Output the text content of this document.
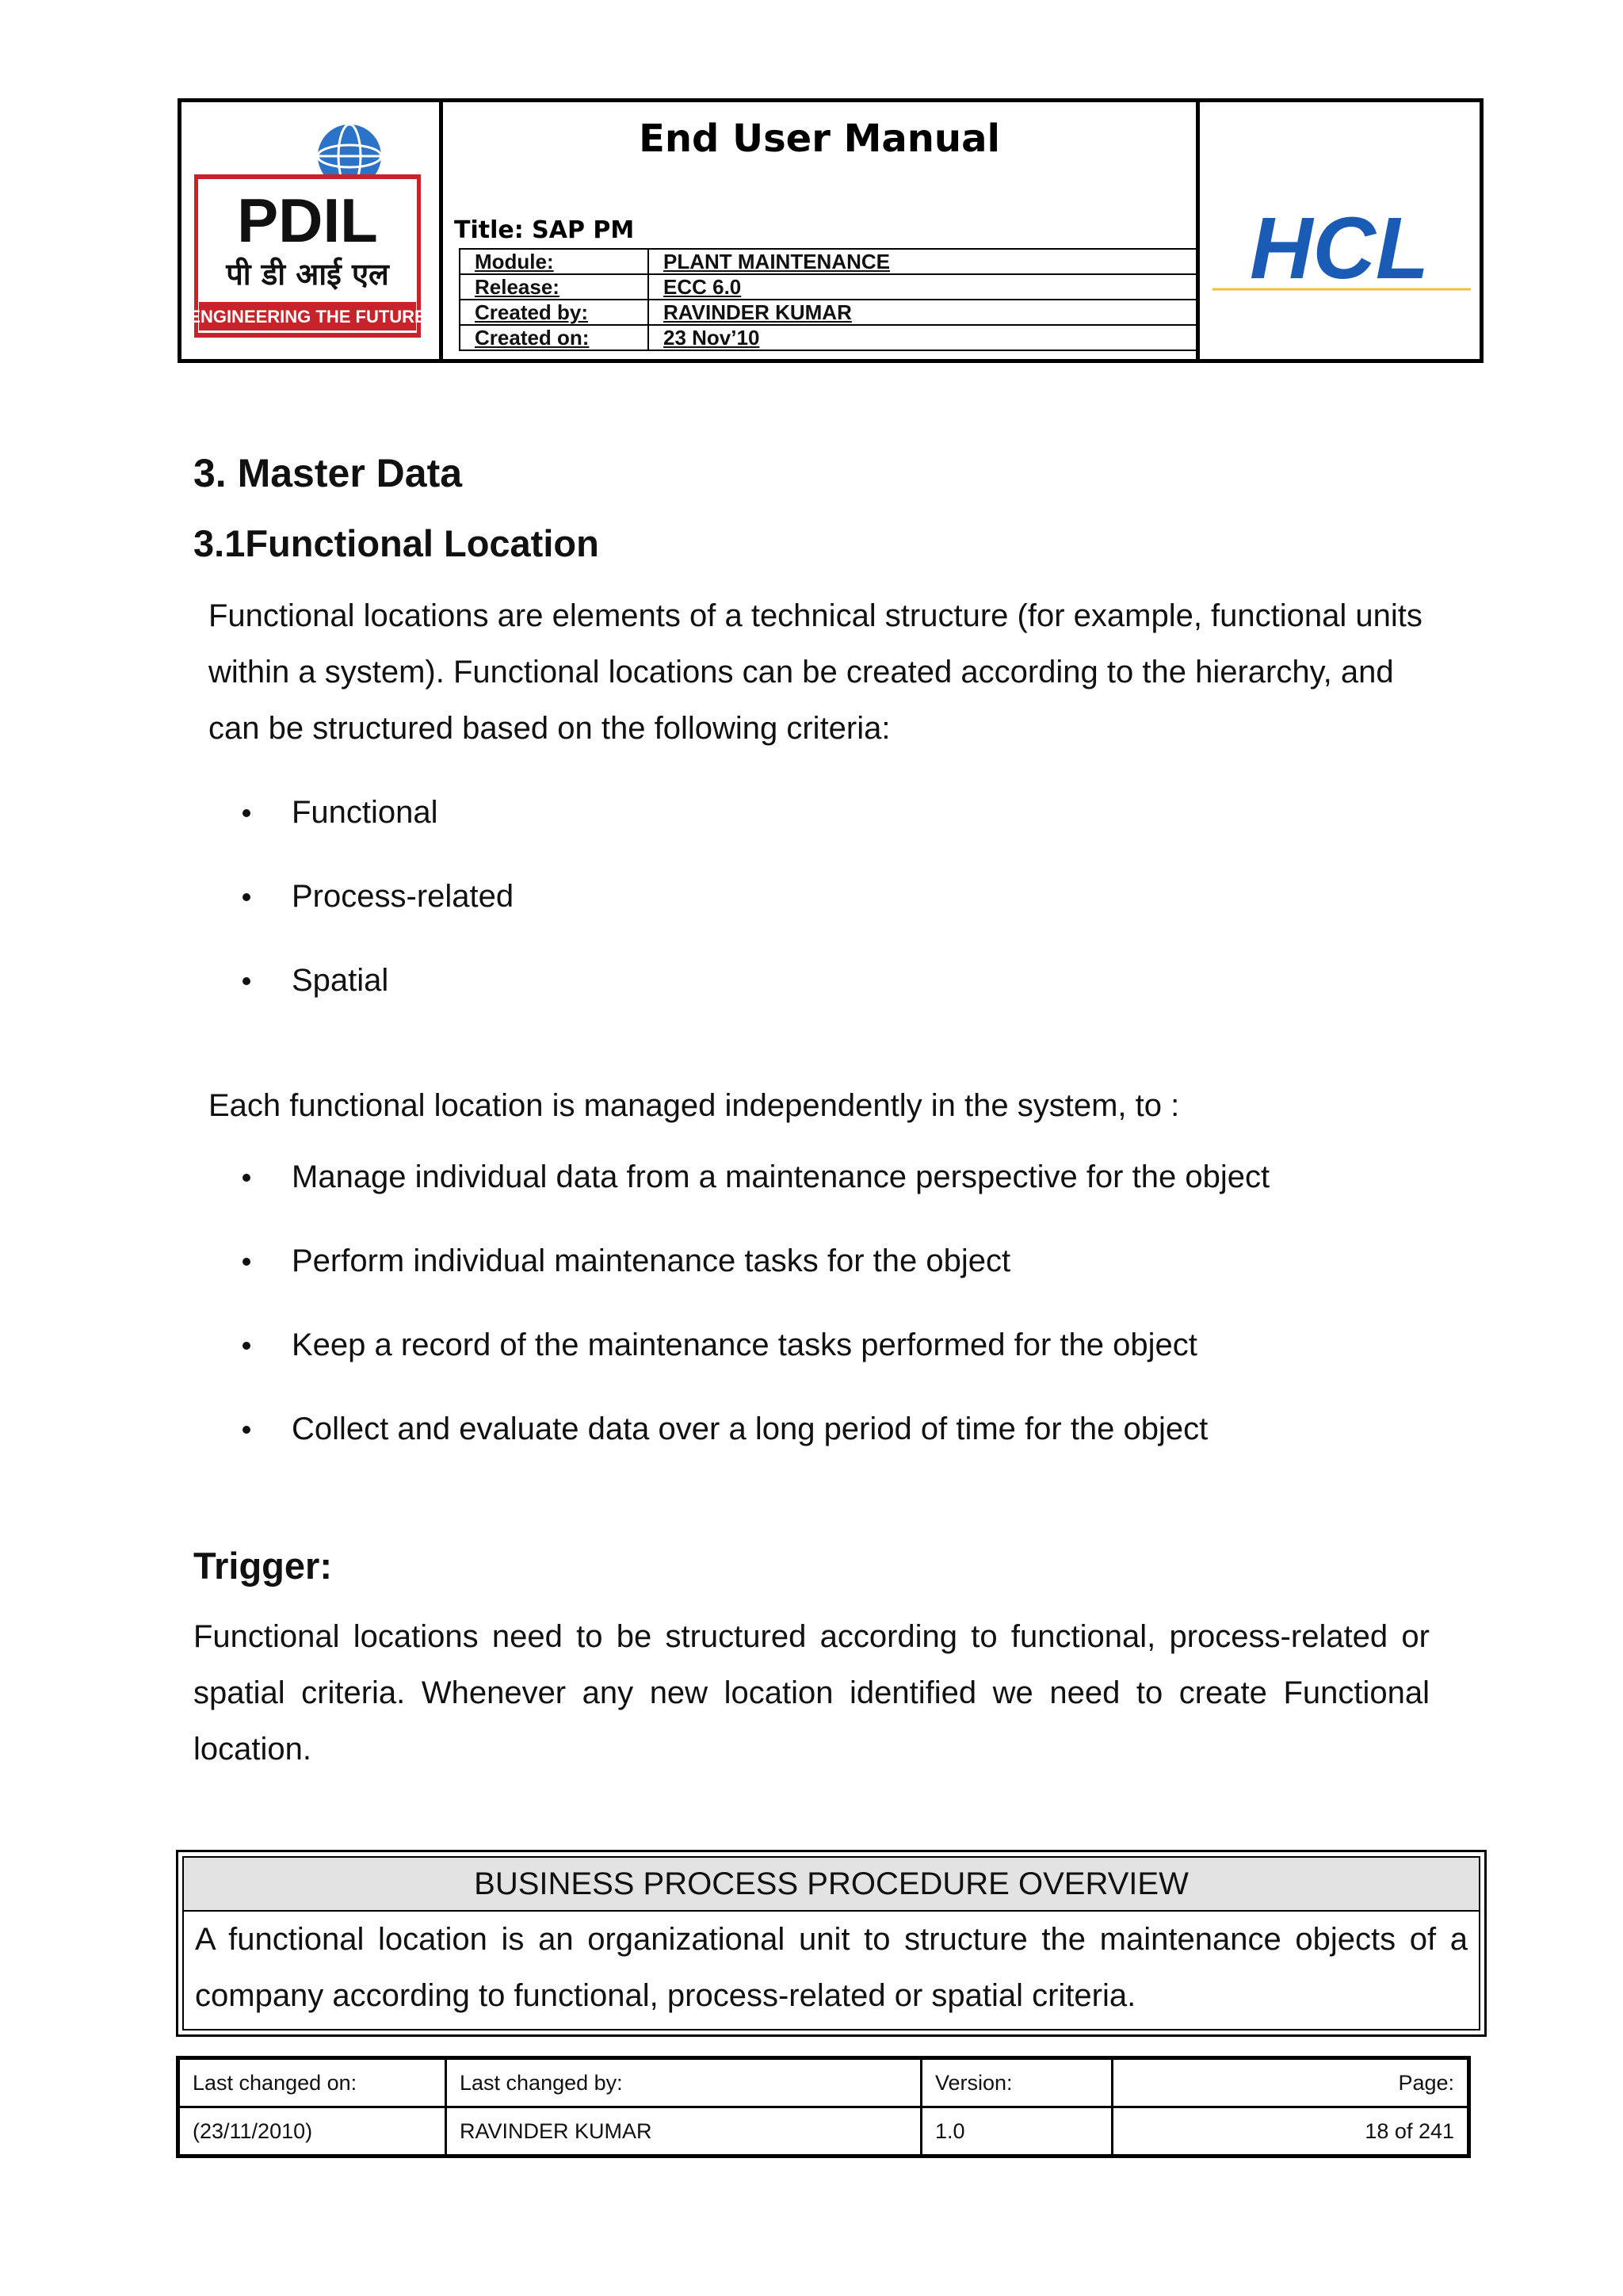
PDIL
पी डी आई एल
ENGINEERING THE FUTURE
End User Manual
Title: SAP PM
Module:	PLANT MAINTENANCE
Release:	ECC 6.0
Created by:	RAVINDER KUMAR
Created on:	23 Nov’10
HCL
3. Master Data
3.1Functional Location

Functional locations are elements of a technical structure (for example, functional units within a system). Functional locations can be created according to the hierarchy, and can be structured based on the following criteria:

Functional
Process-related
Spatial

Each functional location is managed independently in the system, to :

Manage individual data from a maintenance perspective for the object
Perform individual maintenance tasks for the object
Keep a record of the maintenance tasks performed for the object
Collect and evaluate data over a long period of time for the object
Trigger:

Functional locations need to be structured according to functional, process-related or spatial criteria. Whenever any new location identified we need to create Functional location.

BUSINESS PROCESS PROCEDURE OVERVIEW
A functional location is an organizational unit to structure the maintenance objects of a company according to functional, process-related or spatial criteria.
Last changed on:	Last changed by:	Version:	Page:
(23/11/2010)	RAVINDER KUMAR	1.0	18 of 241
